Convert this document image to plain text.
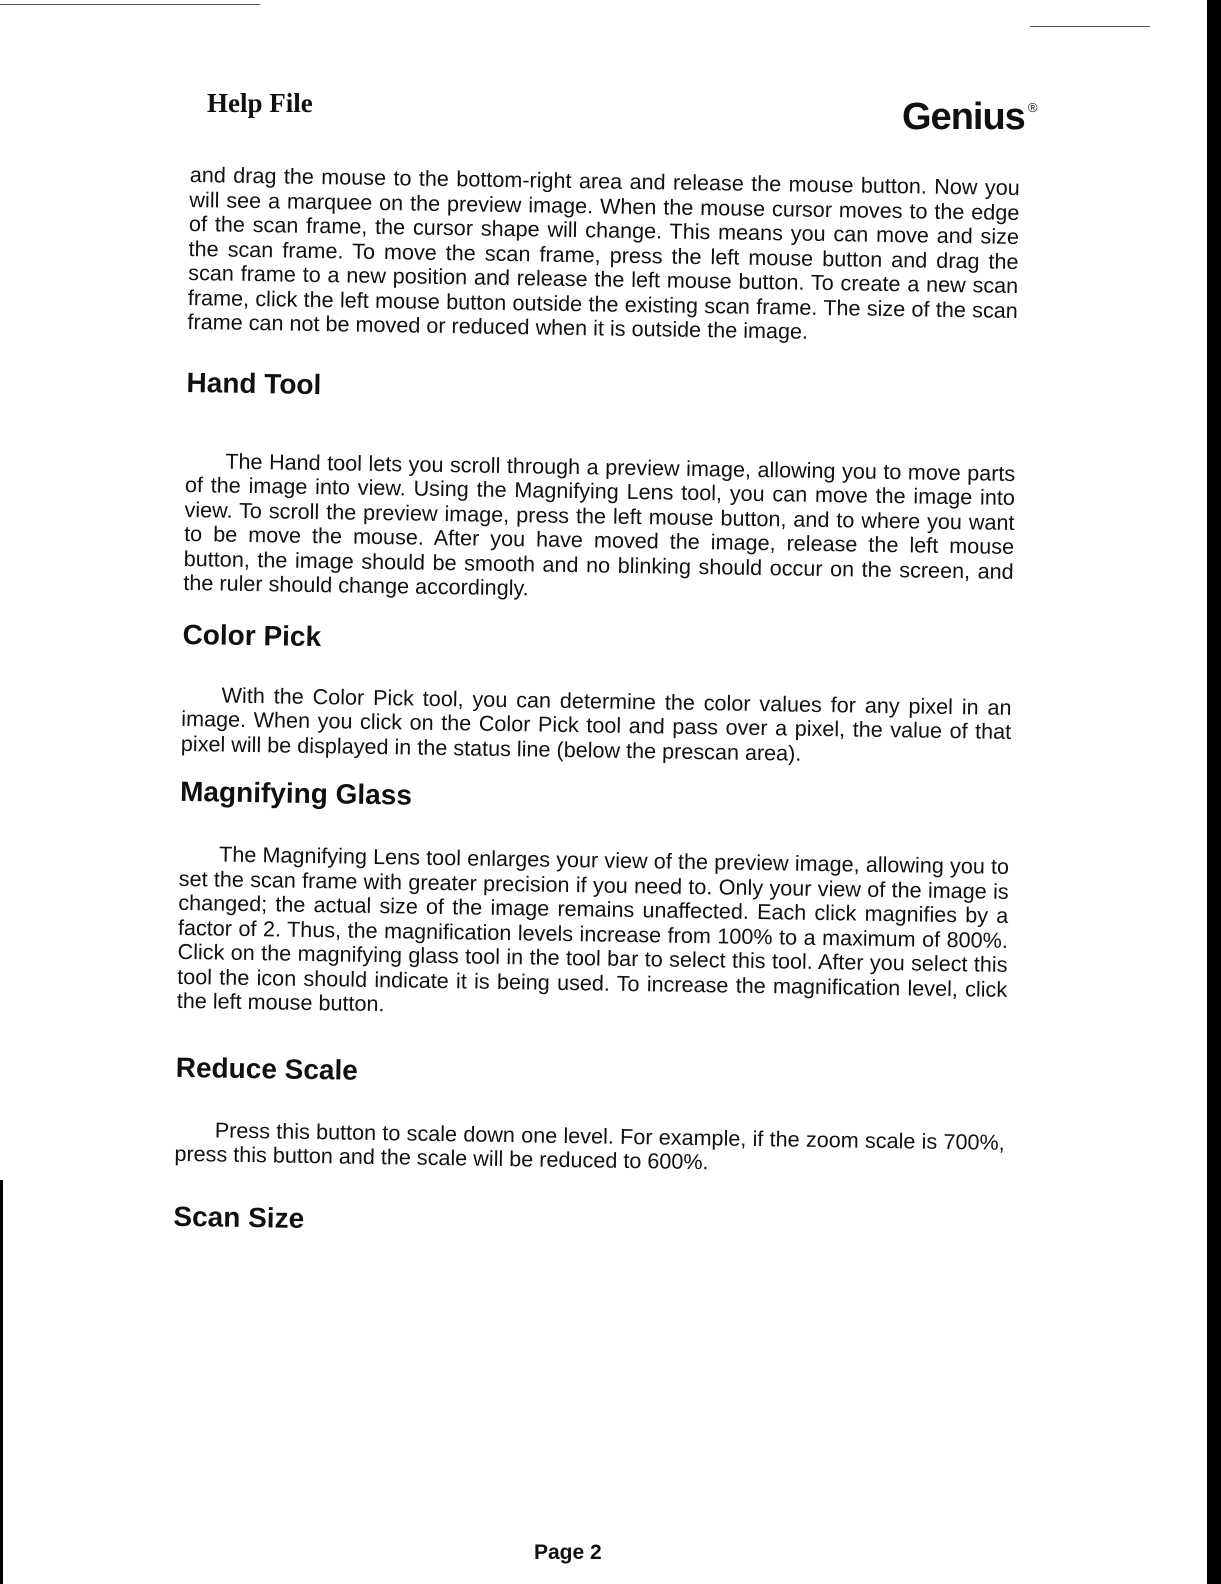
Help File	Genius ®

and drag the mouse to the bottom-right area and release the mouse button. Now you will see a marquee on the preview image. When the mouse cursor moves to the edge of the scan frame, the cursor shape will change. This means you can move and size the scan frame. To move the scan frame, press the left mouse button and drag the scan frame to a new position and release the left mouse button. To create a new scan frame, click the left mouse button outside the existing scan frame. The size of the scan frame can not be moved or reduced when it is outside the image.

Hand Tool

The Hand tool lets you scroll through a preview image, allowing you to move parts of the image into view. Using the Magnifying Lens tool, you can move the image into view. To scroll the preview image, press the left mouse button, and to where you want to be move the mouse. After you have moved the image, release the left mouse button, the image should be smooth and no blinking should occur on the screen, and the ruler should change accordingly.

Color Pick

With the Color Pick tool, you can determine the color values for any pixel in an image. When you click on the Color Pick tool and pass over a pixel, the value of that pixel will be displayed in the status line (below the prescan area).

Magnifying Glass

The Magnifying Lens tool enlarges your view of the preview image, allowing you to set the scan frame with greater precision if you need to. Only your view of the image is changed; the actual size of the image remains unaffected. Each click magnifies by a factor of 2. Thus, the magnification levels increase from 100% to a maximum of 800%. Click on the magnifying glass tool in the tool bar to select this tool. After you select this tool the icon should indicate it is being used. To increase the magnification level, click the left mouse button.

Reduce Scale

Press this button to scale down one level. For example, if the zoom scale is 700%, press this button and the scale will be reduced to 600%.

Scan Size
Page 2
